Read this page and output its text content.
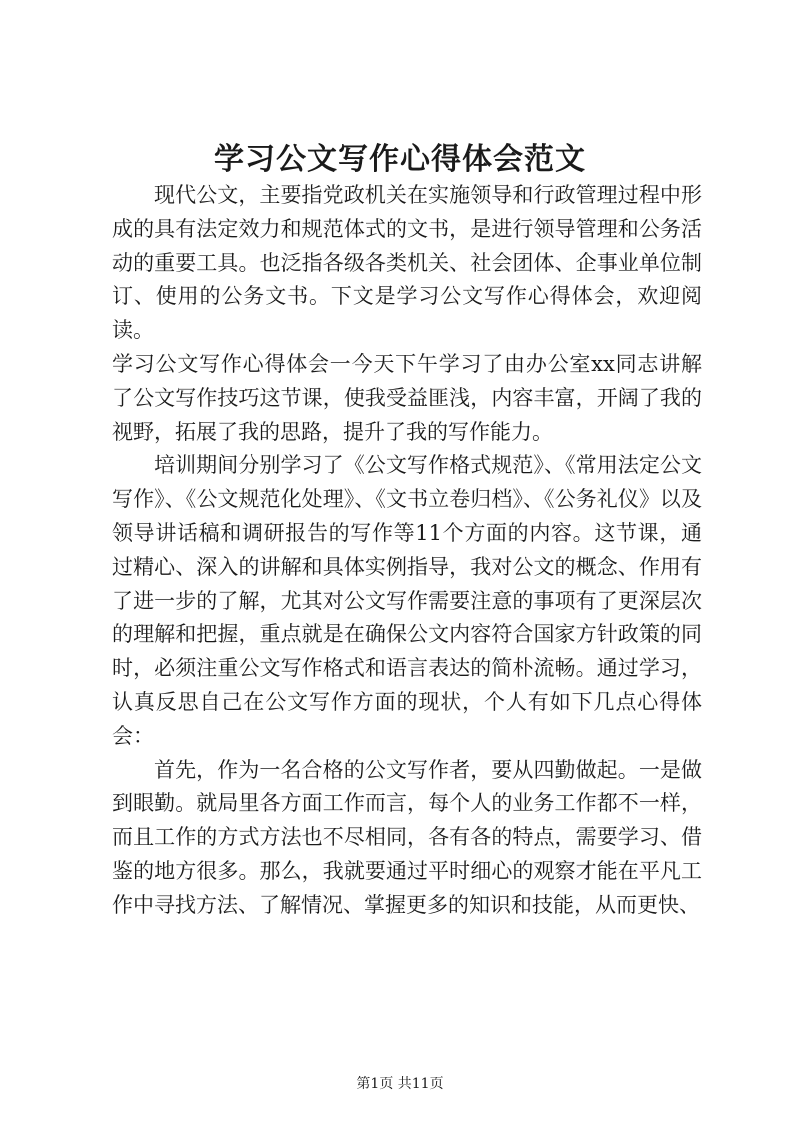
学习公文写作心得体会范文

现代公文，主要指党政机关在实施领导和行政管理过程中形成的具有法定效力和规范体式的文书，是进行领导管理和公务活动的重要工具。也泛指各级各类机关、社会团体、企事业单位制订、使用的公务文书。下文是学习公文写作心得体会，欢迎阅读。

学习公文写作心得体会一今天下午学习了由办公室xx同志讲解了公文写作技巧这节课，使我受益匪浅，内容丰富，开阔了我的视野，拓展了我的思路，提升了我的写作能力。

培训期间分别学习了《公文写作格式规范》、《常用法定公文写作》、《公文规范化处理》、《文书立卷归档》、《公务礼仪》以及领导讲话稿和调研报告的写作等11个方面的内容。这节课，通过精心、深入的讲解和具体实例指导，我对公文的概念、作用有了进一步的了解，尤其对公文写作需要注意的事项有了更深层次的理解和把握，重点就是在确保公文内容符合国家方针政策的同时，必须注重公文写作格式和语言表达的简朴流畅。通过学习，认真反思自己在公文写作方面的现状，个人有如下几点心得体会：

首先，作为一名合格的公文写作者，要从四勤做起。一是做到眼勤。就局里各方面工作而言，每个人的业务工作都不一样，而且工作的方式方法也不尽相同，各有各的特点，需要学习、借鉴的地方很多。那么，我就要通过平时细心的观察才能在平凡工作中寻找方法、了解情况、掌握更多的知识和技能，从而更快、

第1页 共11页
